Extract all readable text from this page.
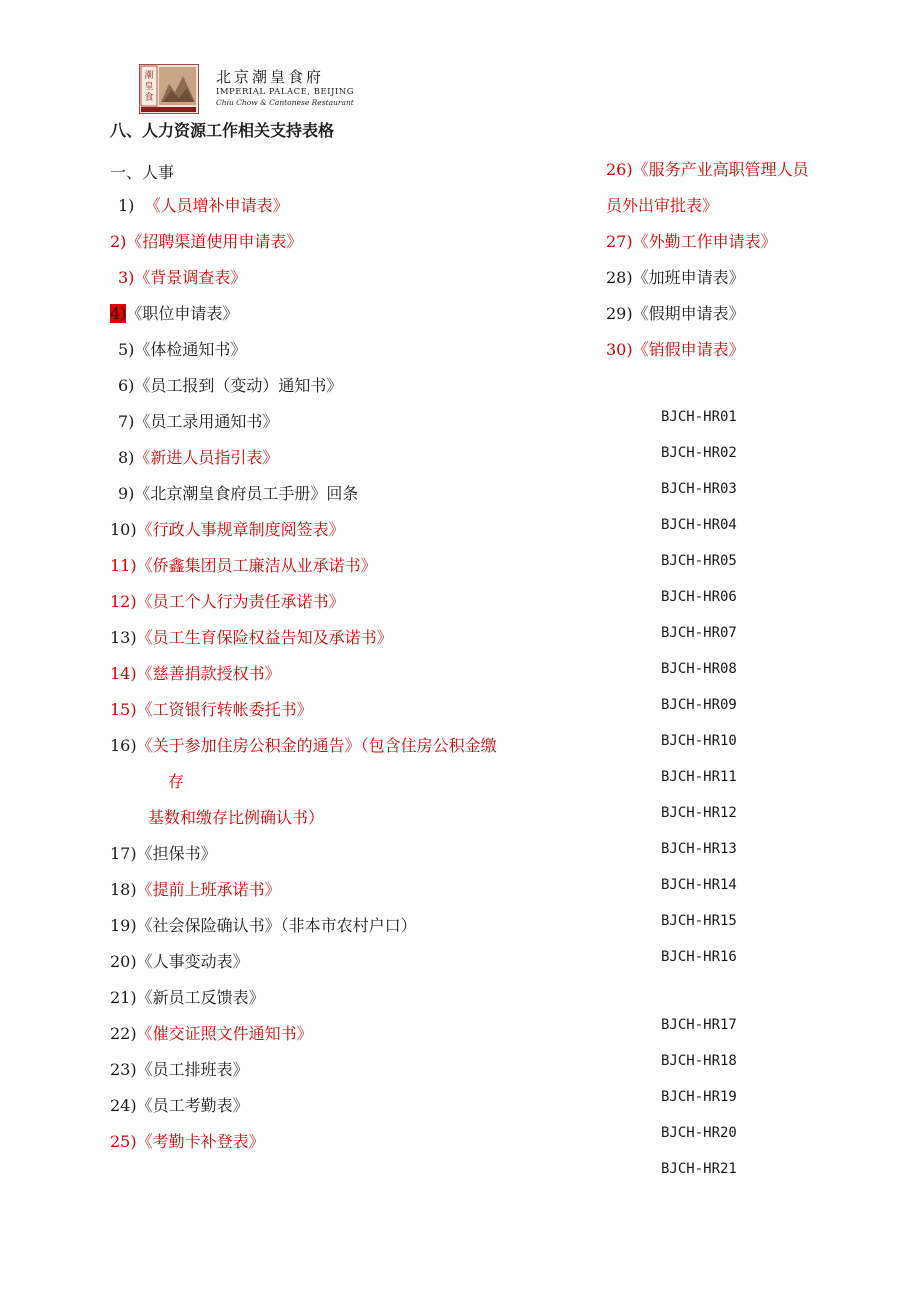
潮
皇
食
北京潮皇食府
IMPERIAL PALACE, BEIJING
Chiu Chow & Cantonese Restaurant
八、人力资源工作相关支持表格
一、人事
1) 《人员增补申请表》
2)《招聘渠道使用申请表》
3)《背景调查表》
4)《职位申请表》
5)《体检通知书》
6)《员工报到（变动）通知书》
7)《员工录用通知书》
8)《新进人员指引表》
9)《北京潮皇食府员工手册》回条
10)《行政人事规章制度阅签表》
11)《侨鑫集团员工廉洁从业承诺书》
12)《员工个人行为责任承诺书》
13)《员工生育保险权益告知及承诺书》
14)《慈善捐款授权书》
15)《工资银行转帐委托书》
16)《关于参加住房公积金的通告》（包含住房公积金缴
存
基数和缴存比例确认书）
17)《担保书》
18)《提前上班承诺书》
19)《社会保险确认书》（非本市农村户口）
20)《人事变动表》
21)《新员工反馈表》
22)《催交证照文件通知书》
23)《员工排班表》
24)《员工考勤表》
25)《考勤卡补登表》
26)《服务产业高职管理人员
员外出审批表》
27)《外勤工作申请表》
28)《加班申请表》
29)《假期申请表》
30)《销假申请表》
BJCH-HR01
BJCH-HR02
BJCH-HR03
BJCH-HR04
BJCH-HR05
BJCH-HR06
BJCH-HR07
BJCH-HR08
BJCH-HR09
BJCH-HR10
BJCH-HR11
BJCH-HR12
BJCH-HR13
BJCH-HR14
BJCH-HR15
BJCH-HR16
BJCH-HR17
BJCH-HR18
BJCH-HR19
BJCH-HR20
BJCH-HR21
